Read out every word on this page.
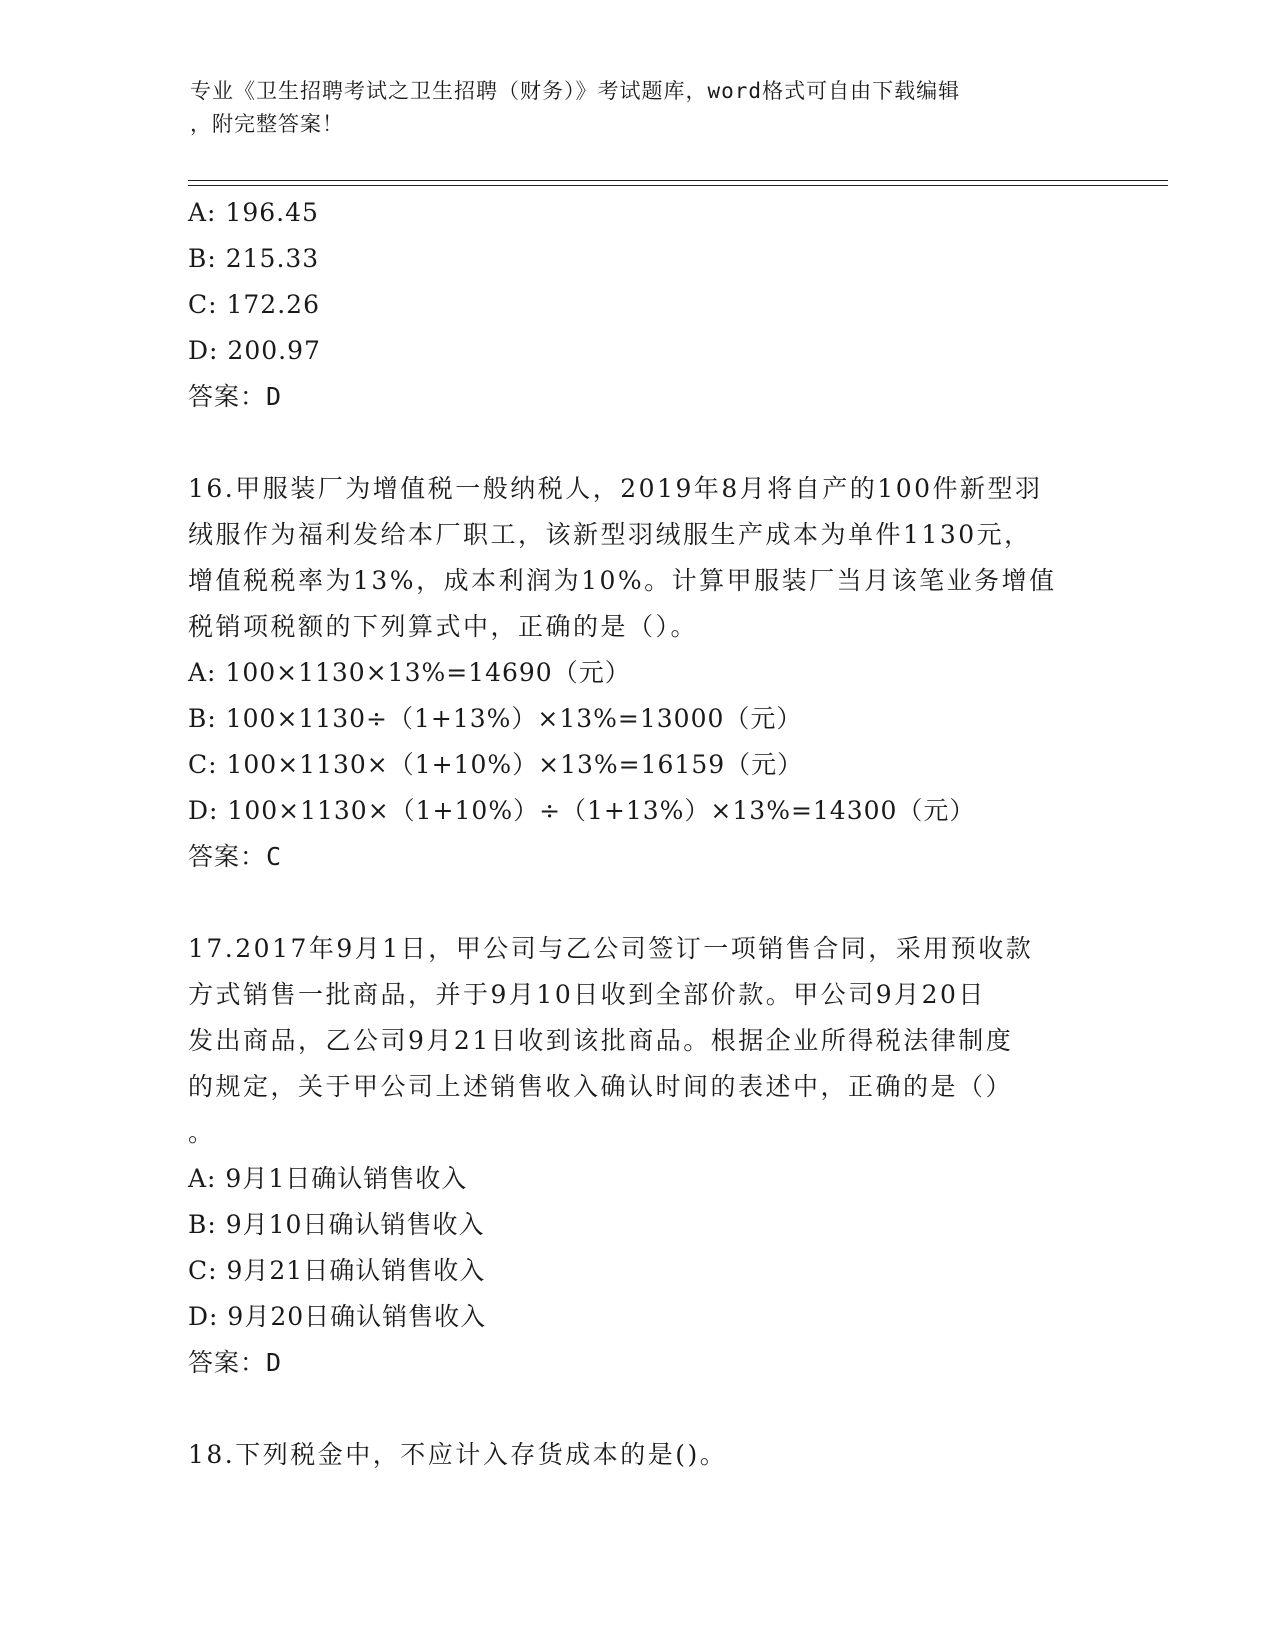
专业《卫生招聘考试之卫生招聘（财务）》考试题库，word格式可自由下载编辑
，附完整答案！
A: 196.45
B: 215.33
C: 172.26
D: 200.97
答案：D
16.甲服装厂为增值税一般纳税人，2019年8月将自产的100件新型羽
绒服作为福利发给本厂职工，该新型羽绒服生产成本为单件1130元，
增值税税率为13%，成本利润为10%。计算甲服装厂当月该笔业务增值
税销项税额的下列算式中，正确的是（）。
A: 100×1130×13%=14690（元）
B: 100×1130÷（1+13%）×13%=13000（元）
C: 100×1130×（1+10%）×13%=16159（元）
D: 100×1130×（1+10%）÷（1+13%）×13%=14300（元）
答案：C
17.2017年9月1日，甲公司与乙公司签订一项销售合同，采用预收款
方式销售一批商品，并于9月10日收到全部价款。甲公司9月20日
发出商品，乙公司9月21日收到该批商品。根据企业所得税法律制度
的规定，关于甲公司上述销售收入确认时间的表述中，正确的是（）
。
A: 9月1日确认销售收入
B: 9月10日确认销售收入
C: 9月21日确认销售收入
D: 9月20日确认销售收入
答案：D
18.下列税金中，不应计入存货成本的是()。
